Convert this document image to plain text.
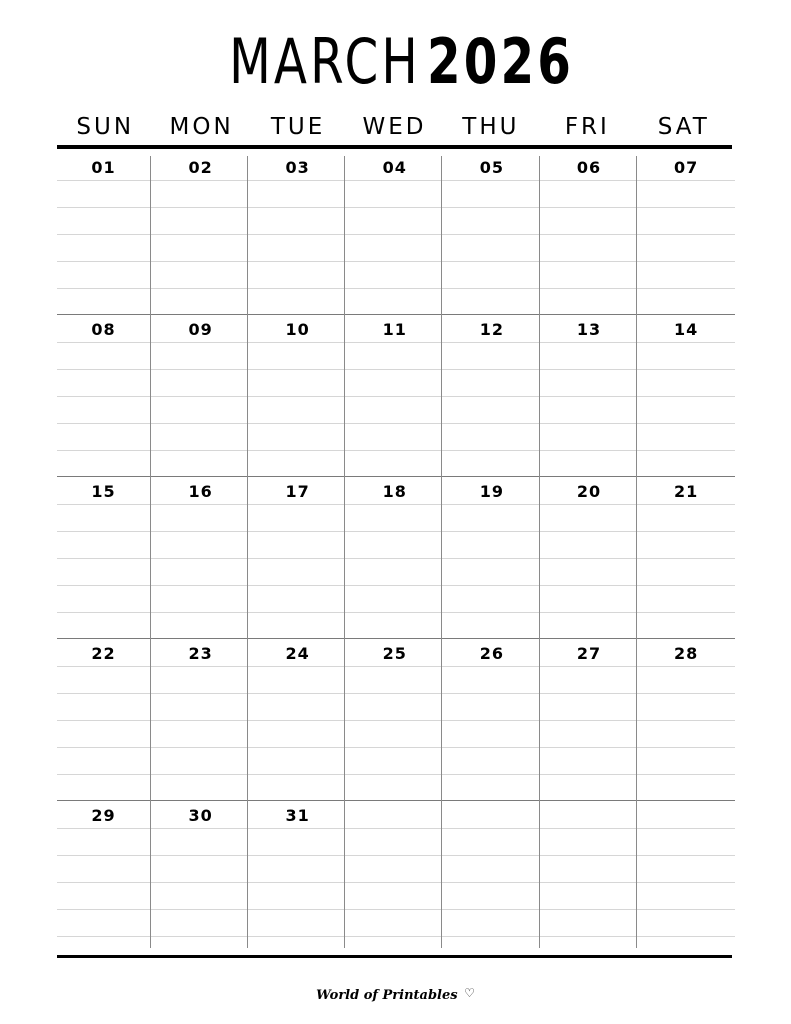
MARCH 2026
SUN	MON	TUE	WED	THU	FRI	SAT
01	02	03	04	05	06	07
08	09	10	11	12	13	14
15	16	17	18	19	20	21
22	23	24	25	26	27	28
29	30	31
World of Printables ♡
